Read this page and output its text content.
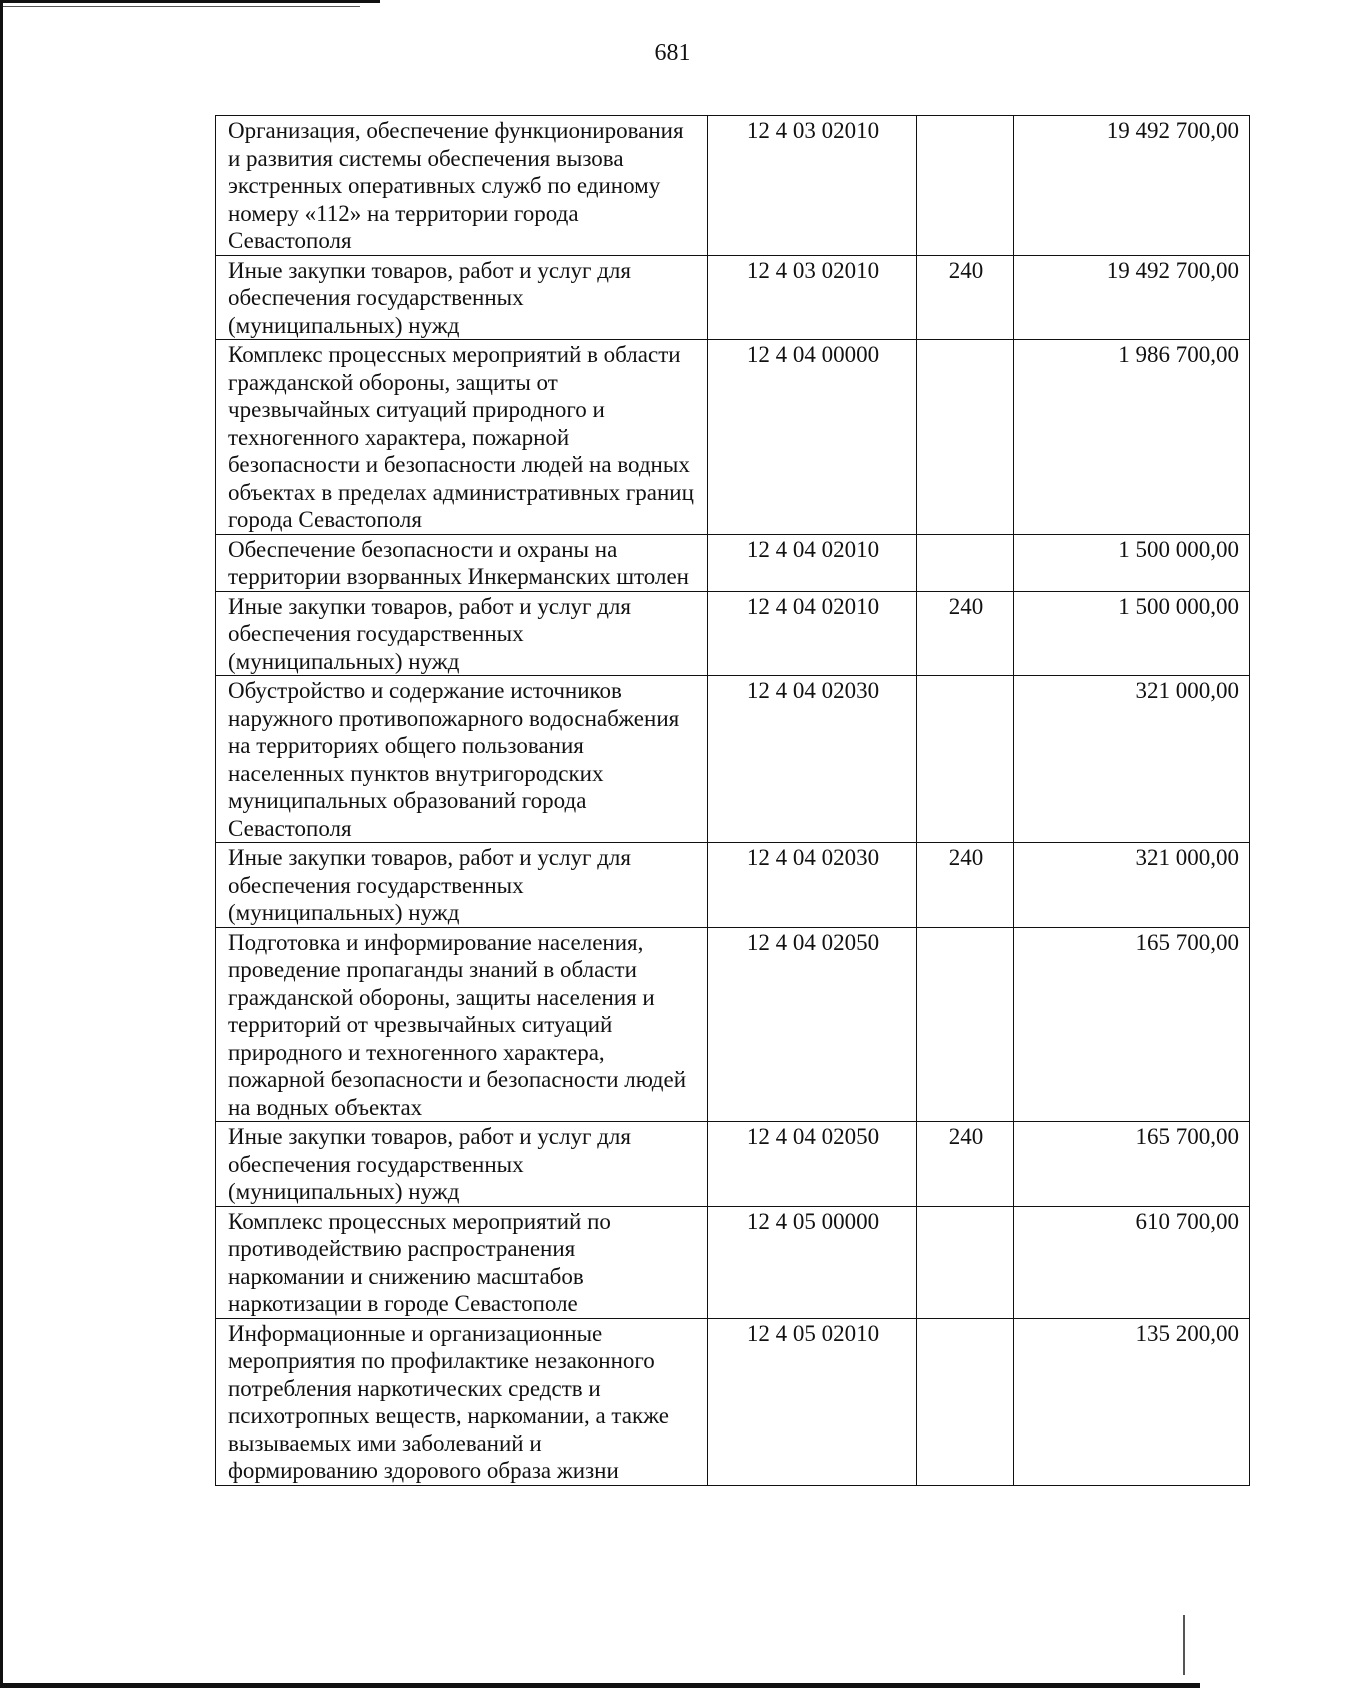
681
Организация, обеспечение функционирования и развития системы обеспечения вызова экстренных оперативных служб по единому номеру «112» на территории города Севастополя	12 4 03 02010		19 492 700,00
Иные закупки товаров, работ и услуг для обеспечения государственных (муниципальных) нужд	12 4 03 02010	240	19 492 700,00
Комплекс процессных мероприятий в области гражданской обороны, защиты от чрезвычайных ситуаций природного и техногенного характера, пожарной безопасности и безопасности людей на водных объектах в пределах административных границ города Севастополя	12 4 04 00000		1 986 700,00
Обеспечение безопасности и охраны на территории взорванных Инкерманских штолен	12 4 04 02010		1 500 000,00
Иные закупки товаров, работ и услуг для обеспечения государственных (муниципальных) нужд	12 4 04 02010	240	1 500 000,00
Обустройство и содержание источников наружного противопожарного водоснабжения на территориях общего пользования населенных пунктов внутригородских муниципальных образований города Севастополя	12 4 04 02030		321 000,00
Иные закупки товаров, работ и услуг для обеспечения государственных (муниципальных) нужд	12 4 04 02030	240	321 000,00
Подготовка и информирование населения, проведение пропаганды знаний в области гражданской обороны, защиты населения и территорий от чрезвычайных ситуаций природного и техногенного характера, пожарной безопасности и безопасности людей на водных объектах	12 4 04 02050		165 700,00
Иные закупки товаров, работ и услуг для обеспечения государственных (муниципальных) нужд	12 4 04 02050	240	165 700,00
Комплекс процессных мероприятий по противодействию распространения наркомании и снижению масштабов наркотизации в городе Севастополе	12 4 05 00000		610 700,00
Информационные и организационные мероприятия по профилактике незаконного потребления наркотических средств и психотропных веществ, наркомании, а также вызываемых ими заболеваний и формированию здорового образа жизни	12 4 05 02010		135 200,00
